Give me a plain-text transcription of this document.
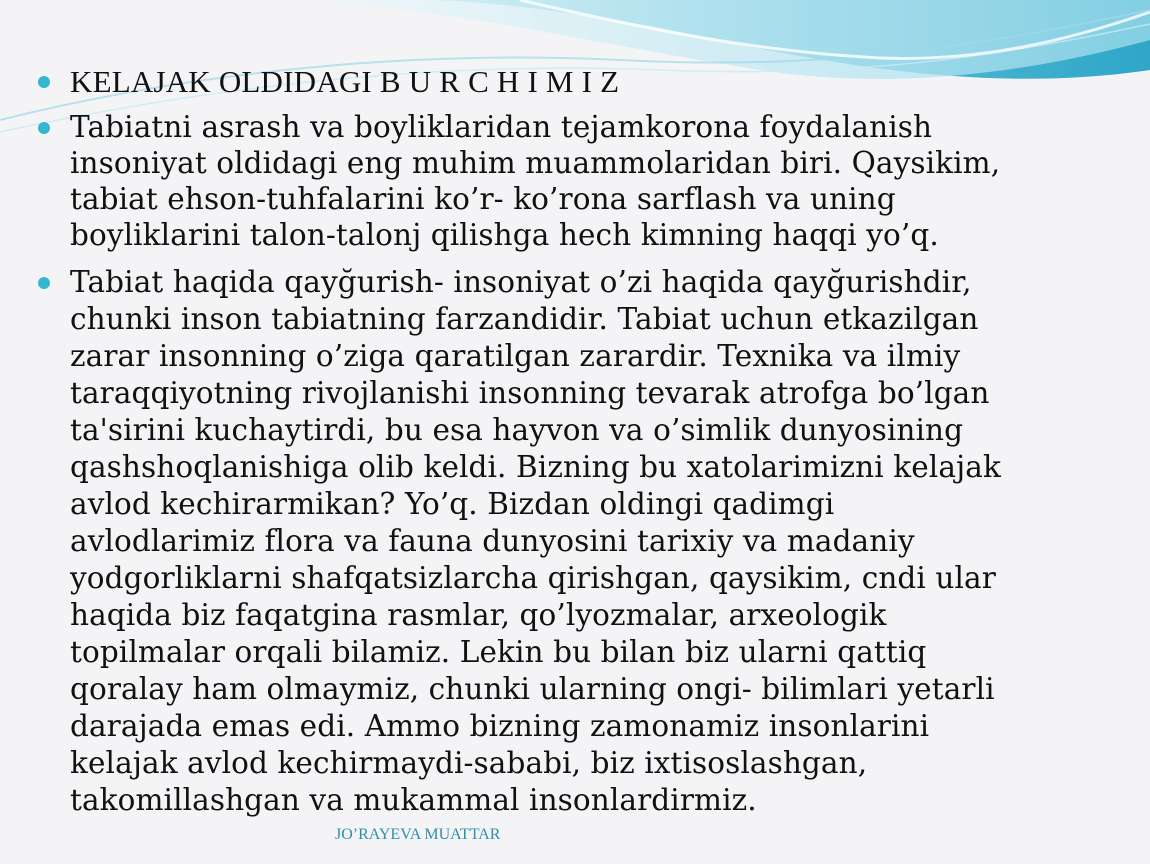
KELAJAK OLDIDAGI B U R C H I M I Z
Tabiatni asrash va boyliklaridan tejamkorona foydalanish
insoniyat oldidagi eng muhim muammolaridan biri. Qaysikim,
tabiat ehson-tuhfalarini ko’r- ko’rona sarflash va uning
boyliklarini talon-talonj qilishga hech kimning haqqi yo’q.
Tabiat haqida qayğurish- insoniyat o’zi haqida qayğurishdir,
chunki inson tabiatning farzandidir. Tabiat uchun etkazilgan
zarar insonning o’ziga qaratilgan zarardir. Texnika va ilmiy
taraqqiyotning rivojlanishi insonning tevarak atrofga bo’lgan
ta'sirini kuchaytirdi, bu esa hayvon va o’simlik dunyosining
qashshoqlanishiga olib keldi. Bizning bu xatolarimizni kelajak
avlod kechirarmikan? Yo’q. Bizdan oldingi qadimgi
avlodlarimiz flora va fauna dunyosini tarixiy va madaniy
yodgorliklarni shafqatsizlarcha qirishgan, qaysikim, cndi ular
haqida biz faqatgina rasmlar, qo’lyozmalar, arxeologik
topilmalar orqali bilamiz. Lekin bu bilan biz ularni qattiq
qoralay ham olmaymiz, chunki ularning ongi- bilimlari yetarli
darajada emas edi. Ammo bizning zamonamiz insonlarini
kelajak avlod kechirmaydi-sababi, biz ixtisoslashgan,
takomillashgan va mukammal insonlardirmiz.
JO’RAYEVA MUATTAR
